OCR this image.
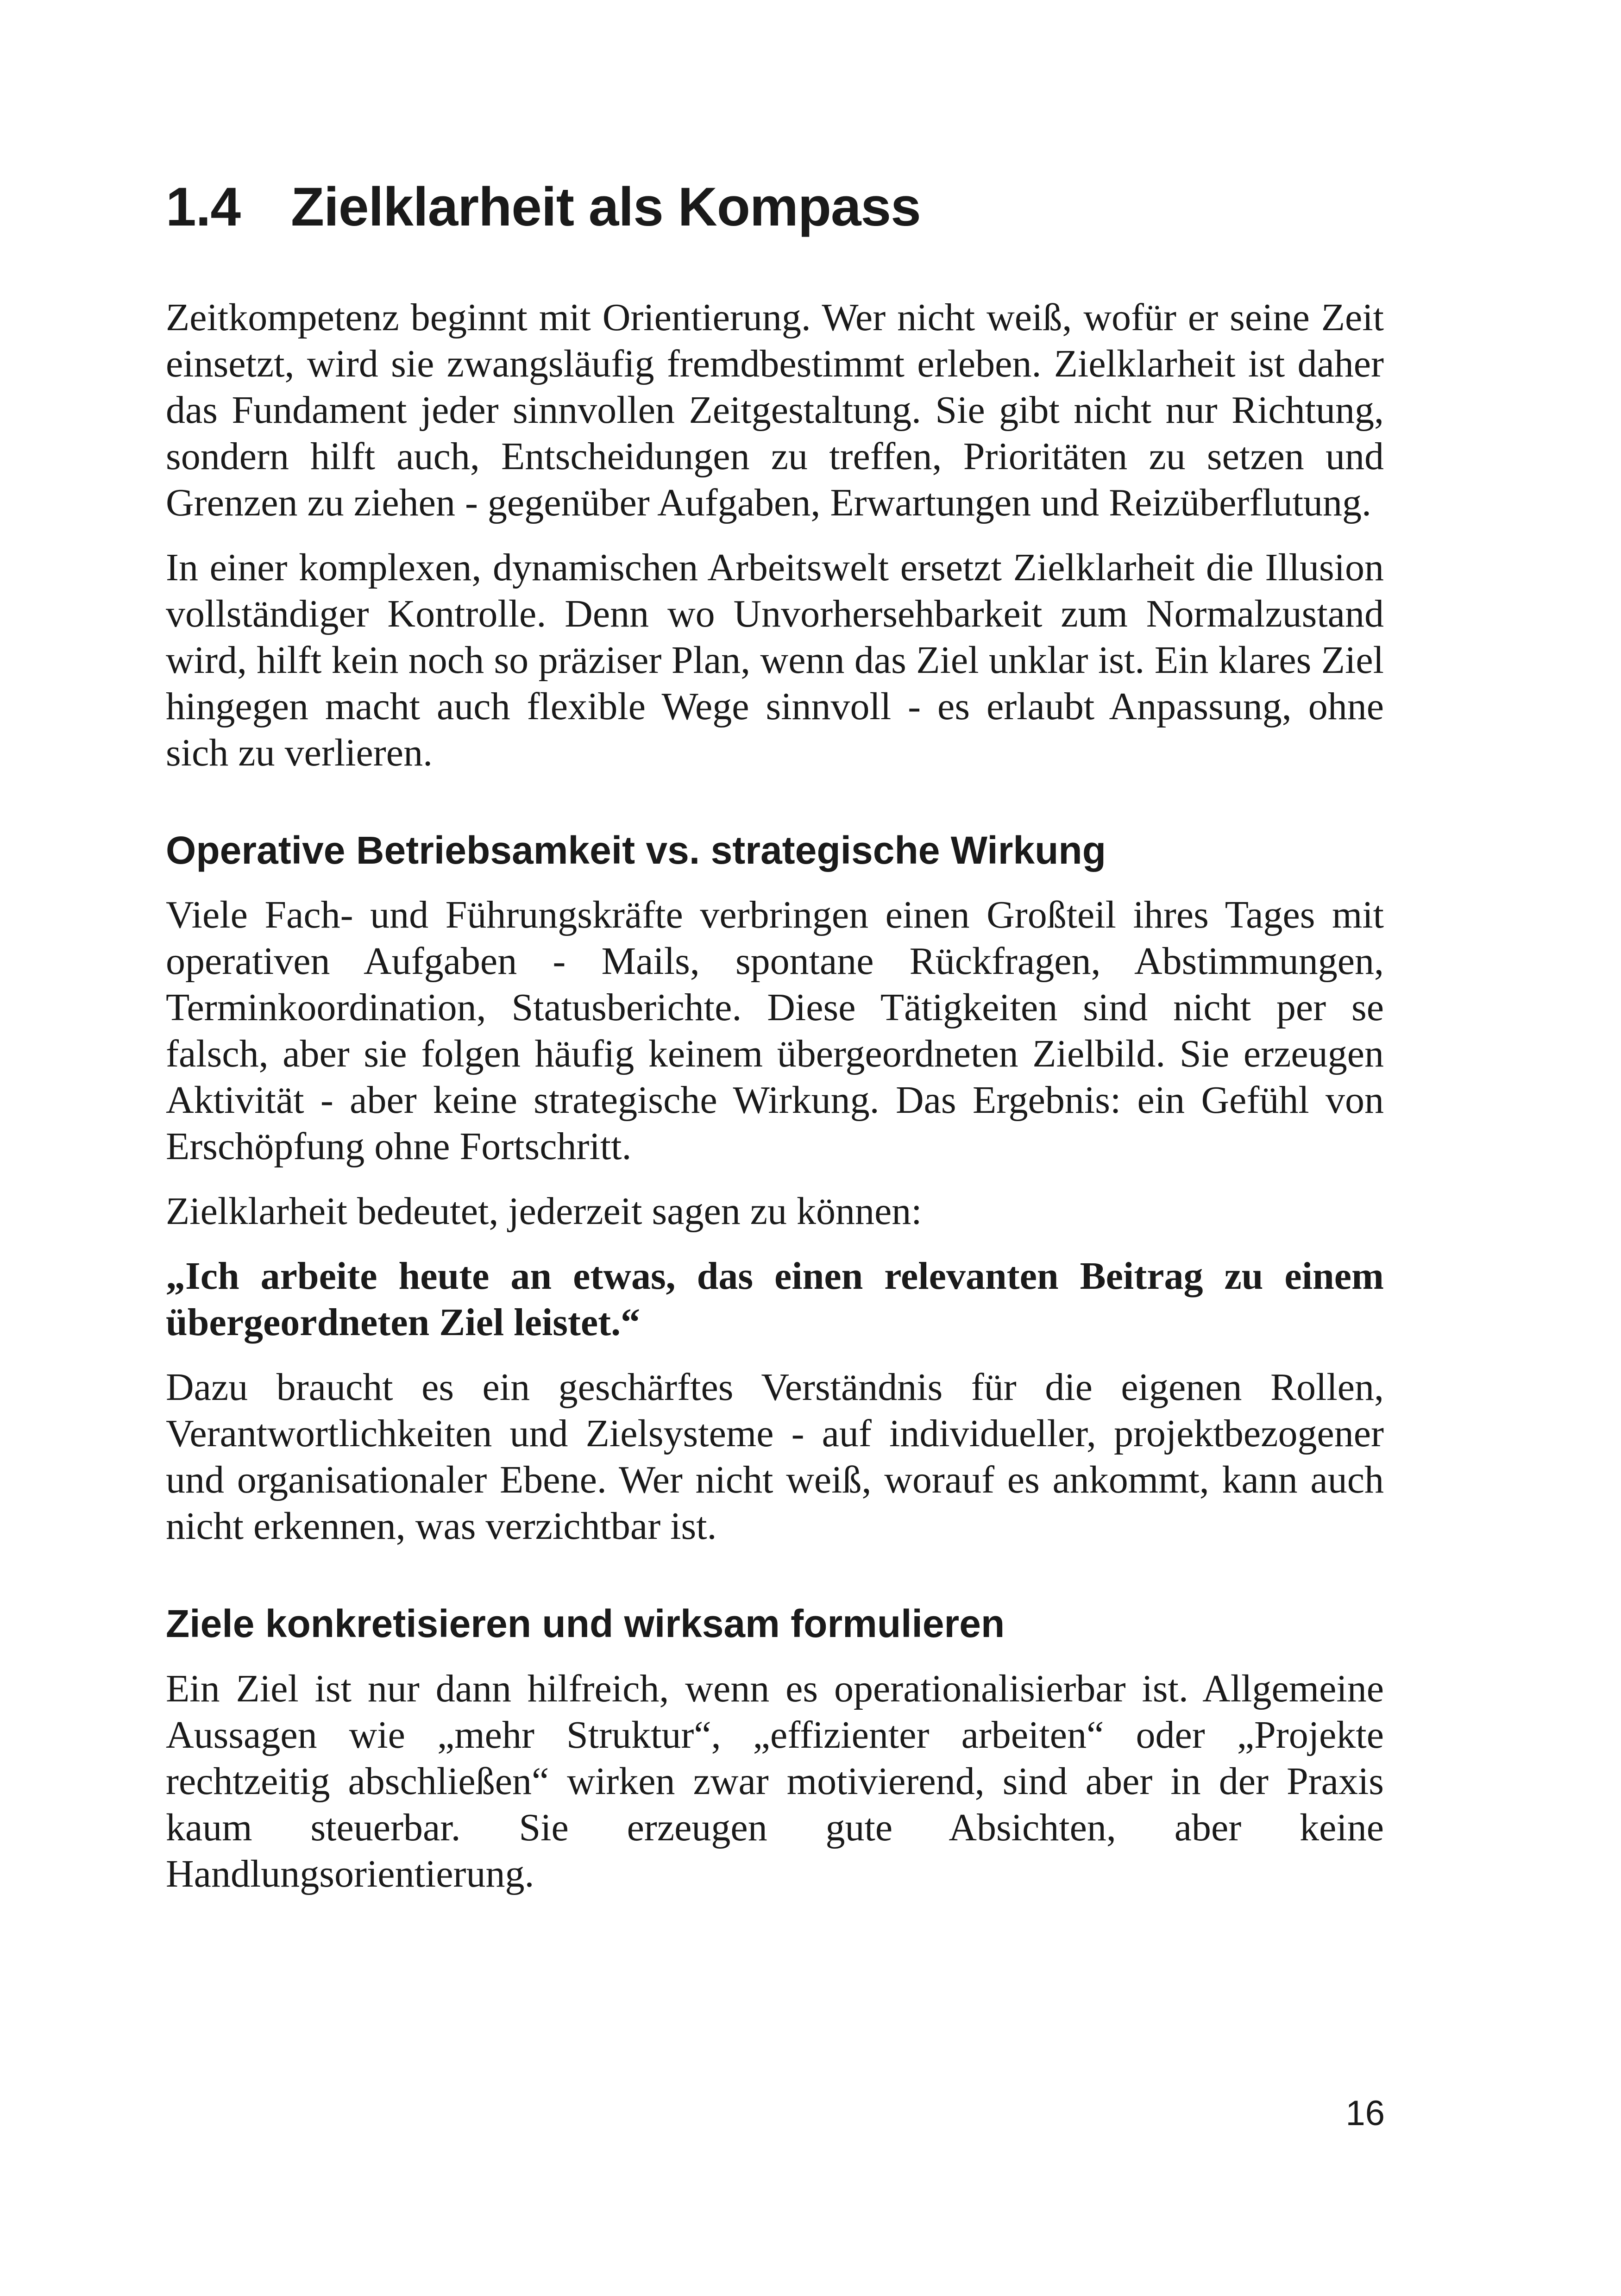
1.4 Zielklarheit als Kompass

Zeitkompetenz beginnt mit Orientierung. Wer nicht weiß, wofür er seine Zeit einsetzt, wird sie zwangsläufig fremdbestimmt erleben. Zielklarheit ist daher das Fundament jeder sinnvollen Zeitgestaltung. Sie gibt nicht nur Richtung, sondern hilft auch, Entscheidungen zu treffen, Prioritäten zu setzen und Grenzen zu ziehen - gegenüber Aufgaben, Erwartungen und Reizüberflutung.

In einer komplexen, dynamischen Arbeitswelt ersetzt Zielklarheit die Illusion vollständiger Kontrolle. Denn wo Unvorhersehbarkeit zum Normalzustand wird, hilft kein noch so präziser Plan, wenn das Ziel unklar ist. Ein klares Ziel hingegen macht auch flexible Wege sinnvoll - es erlaubt Anpassung, ohne sich zu verlieren.

Operative Betriebsamkeit vs. strategische Wirkung

Viele Fach- und Führungskräfte verbringen einen Großteil ihres Tages mit operativen Aufgaben - Mails, spontane Rückfragen, Abstimmungen, Terminkoordination, Statusberichte. Diese Tätigkeiten sind nicht per se falsch, aber sie folgen häufig keinem übergeordneten Zielbild. Sie erzeugen Aktivität - aber keine strategische Wirkung. Das Ergebnis: ein Gefühl von Erschöpfung ohne Fortschritt.

Zielklarheit bedeutet, jederzeit sagen zu können:

„Ich arbeite heute an etwas, das einen relevanten Beitrag zu einem übergeordneten Ziel leistet.“

Dazu braucht es ein geschärftes Verständnis für die eigenen Rollen, Verantwortlichkeiten und Zielsysteme - auf individueller, projektbezogener und organisationaler Ebene. Wer nicht weiß, worauf es ankommt, kann auch nicht erkennen, was verzichtbar ist.

Ziele konkretisieren und wirksam formulieren

Ein Ziel ist nur dann hilfreich, wenn es operationalisierbar ist. Allgemeine Aussagen wie „mehr Struktur“, „effizienter arbeiten“ oder „Projekte rechtzeitig abschließen“ wirken zwar motivierend, sind aber in der Praxis kaum steuerbar. Sie erzeugen gute Absichten, aber keine Handlungsorientierung.

16
